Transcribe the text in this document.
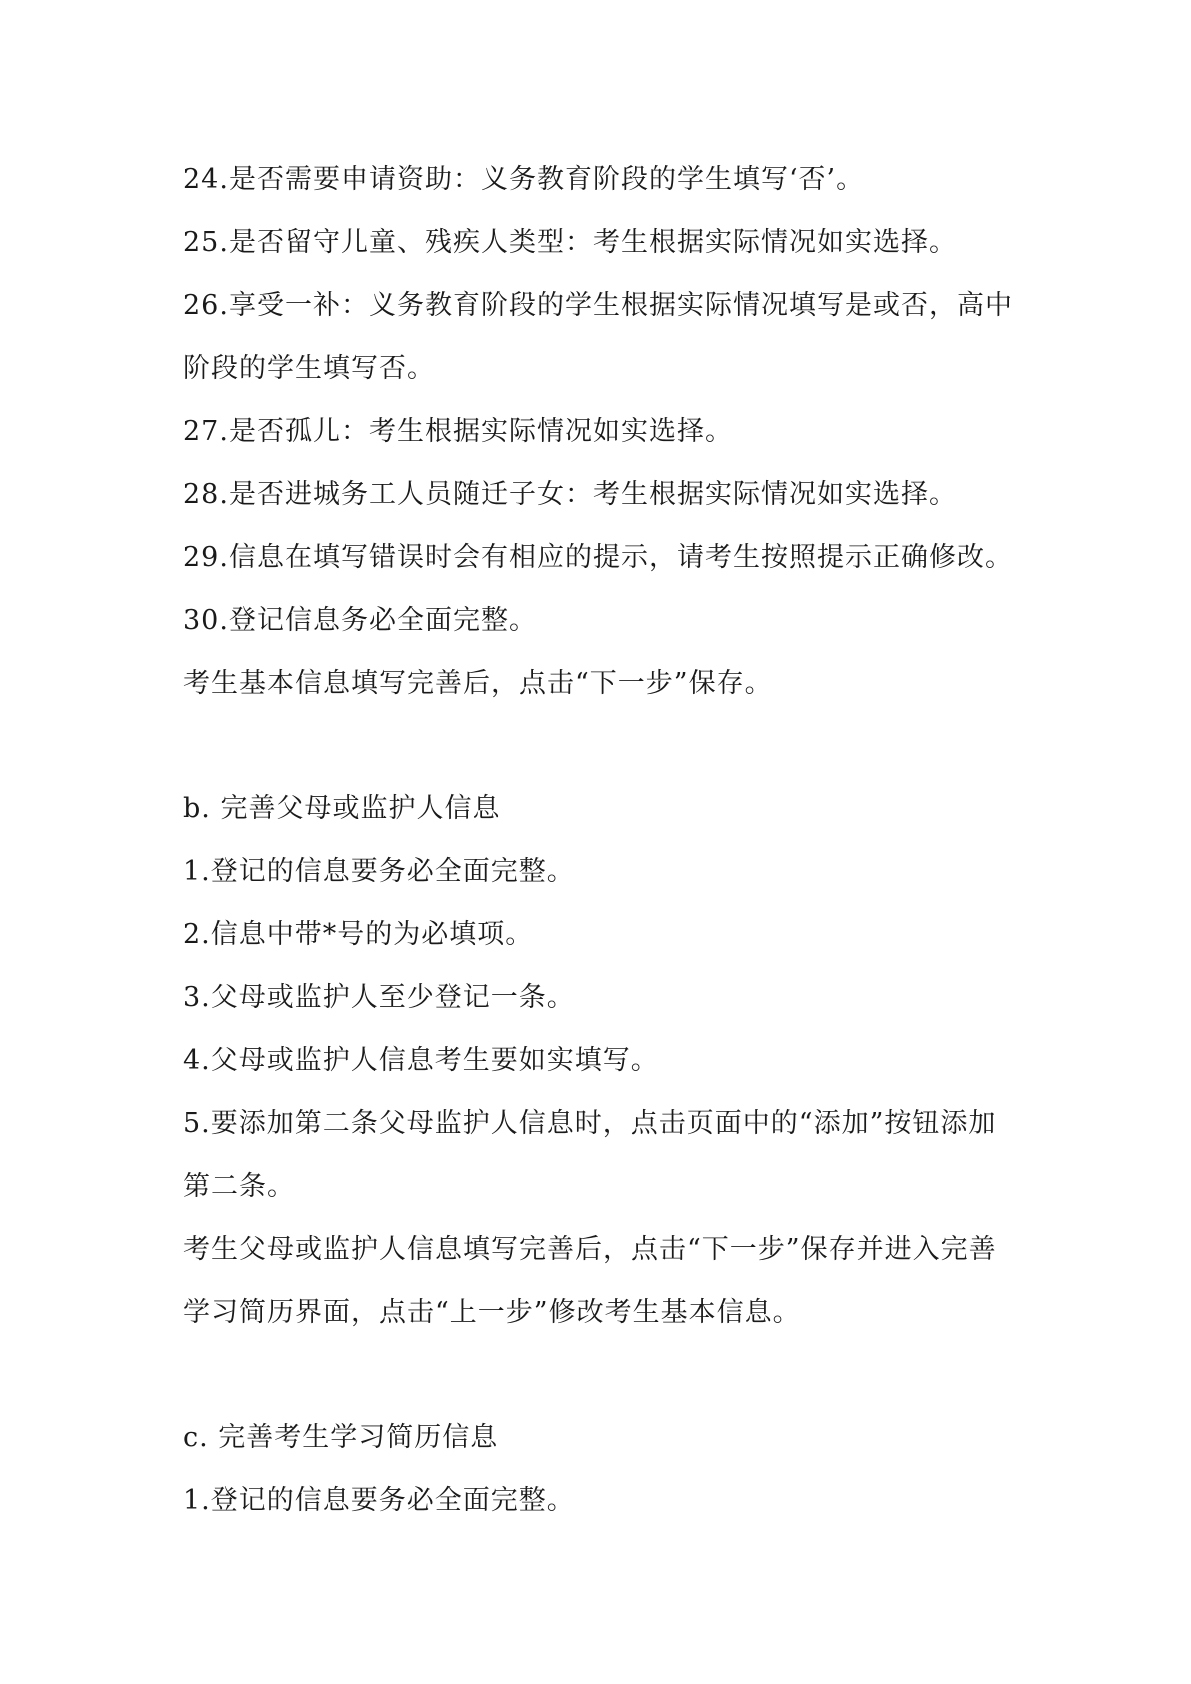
24.是否需要申请资助：义务教育阶段的学生填写‘否’。
25.是否留守儿童、残疾人类型：考生根据实际情况如实选择。
26.享受一补：义务教育阶段的学生根据实际情况填写是或否，高中
阶段的学生填写否。
27.是否孤儿：考生根据实际情况如实选择。
28.是否进城务工人员随迁子女：考生根据实际情况如实选择。
29.信息在填写错误时会有相应的提示，请考生按照提示正确修改。
30.登记信息务必全面完整。
考生基本信息填写完善后，点击“下一步”保存。
b. 完善父母或监护人信息
1.登记的信息要务必全面完整。
2.信息中带*号的为必填项。
3.父母或监护人至少登记一条。
4.父母或监护人信息考生要如实填写。
5.要添加第二条父母监护人信息时，点击页面中的“添加”按钮添加
第二条。
考生父母或监护人信息填写完善后，点击“下一步”保存并进入完善
学习简历界面，点击“上一步”修改考生基本信息。
c. 完善考生学习简历信息
1.登记的信息要务必全面完整。
